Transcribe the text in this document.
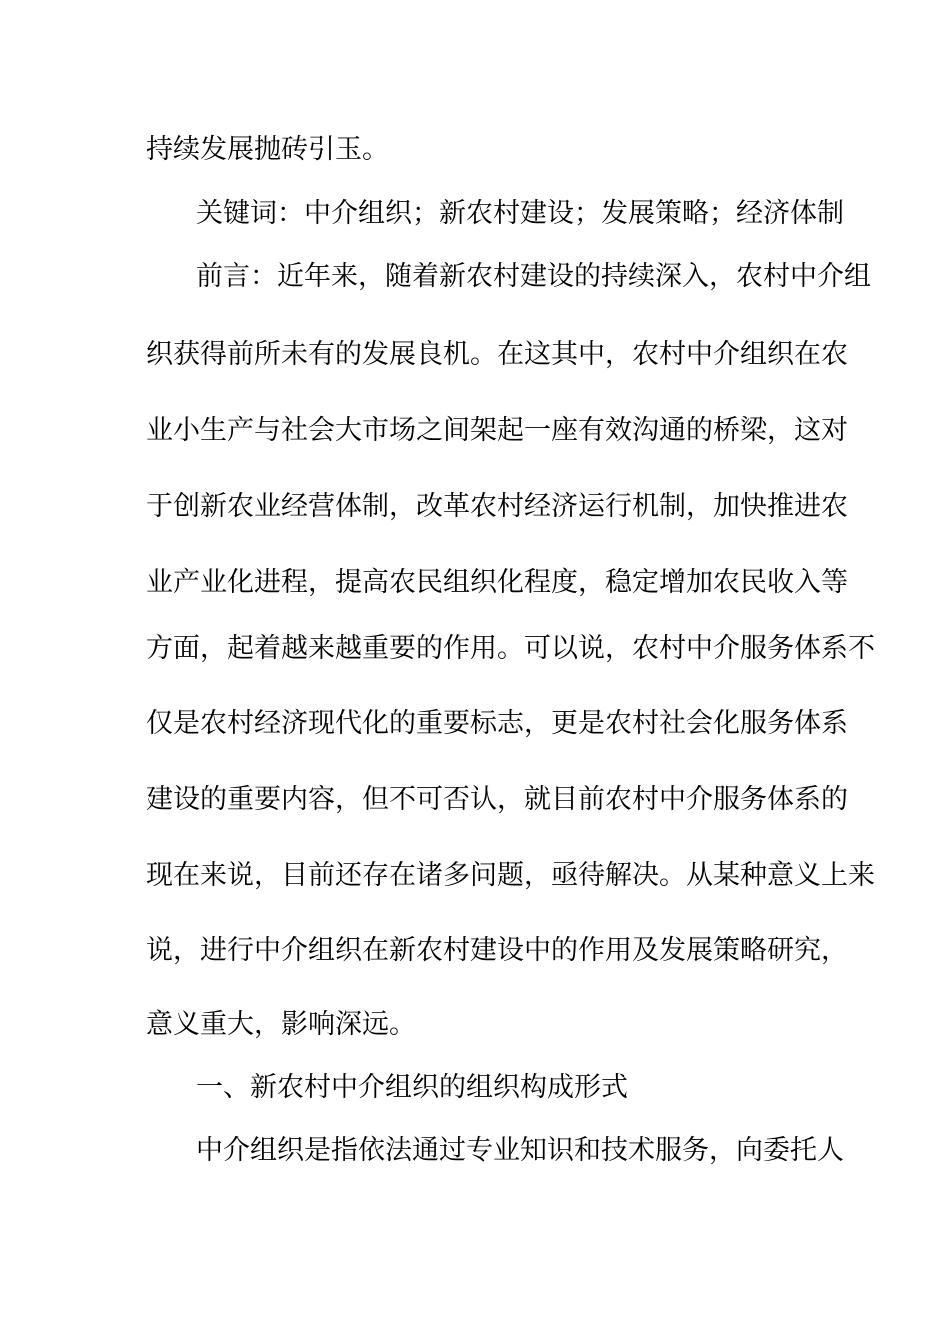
持续发展抛砖引玉。
关键词：中介组织；新农村建设；发展策略；经济体制
前言：近年来，随着新农村建设的持续深入，农村中介组
织获得前所未有的发展良机。在这其中，农村中介组织在农
业小生产与社会大市场之间架起一座有效沟通的桥梁，这对
于创新农业经营体制，改革农村经济运行机制，加快推进农
业产业化进程，提高农民组织化程度，稳定增加农民收入等
方面，起着越来越重要的作用。可以说，农村中介服务体系不
仅是农村经济现代化的重要标志，更是农村社会化服务体系
建设的重要内容，但不可否认，就目前农村中介服务体系的
现在来说，目前还存在诸多问题，亟待解决。从某种意义上来
说，进行中介组织在新农村建设中的作用及发展策略研究，
意义重大，影响深远。
一、新农村中介组织的组织构成形式
中介组织是指依法通过专业知识和技术服务，向委托人
